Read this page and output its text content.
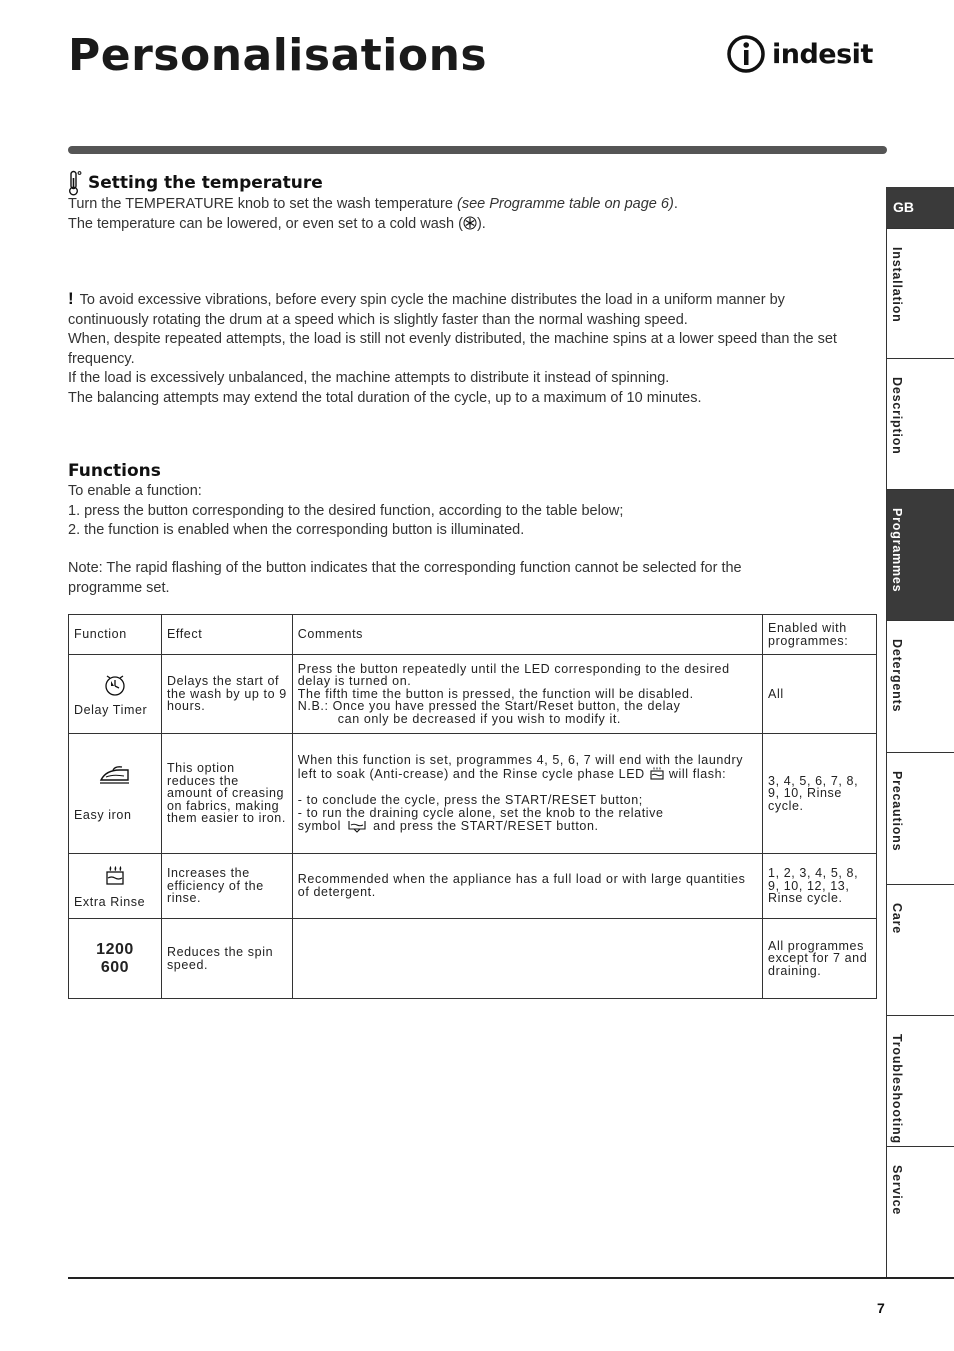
Personalisations	indesit
Setting the temperature
Turn the TEMPERATURE knob to set the wash temperature (see Programme table on page 6).
The temperature can be lowered, or even set to a cold wash ( ).
! To avoid excessive vibrations, before every spin cycle the machine distributes the load in a uniform manner by continuously rotating the drum at a speed which is slightly faster than the normal washing speed.
When, despite repeated attempts, the load is still not evenly distributed, the machine spins at a lower speed than the set frequency.
If the load is excessively unbalanced, the machine attempts to distribute it instead of spinning.
The balancing attempts may extend the total duration of the cycle, up to a maximum of 10 minutes.
Functions
To enable a function:
1. press the button corresponding to the desired function, according to the table below;
2. the function is enabled when the corresponding button is illuminated.
Note: The rapid flashing of the button indicates that the corresponding function cannot be selected for the programme set.
Function	Effect	Comments	Enabled with programmes:

Delay Timer	Delays the start of the wash by up to 9 hours.	Press the button repeatedly until the LED corresponding to the desired delay is turned on.
The fifth time the button is pressed, the function will be disabled.
N.B.: Once you have pressed the Start/Reset button, the delay
can only be decreased if you wish to modify it.	All

Easy iron	This option reduces the amount of creasing on fabrics, making them easier to iron.	When this function is set, programmes 4, 5, 6, 7 will end with the laundry left to soak (Anti-crease) and the Rinse cycle phase LED will flash:
- to conclude the cycle, press the START/RESET button;
- to run the draining cycle alone, set the knob to the relative
symbol and press the START/RESET button.	3, 4, 5, 6, 7, 8, 9, 10, Rinse cycle.

Extra Rinse	Increases the efficiency of the rinse.	Recommended when the appliance has a full load or with large quantities of detergent.	1, 2, 3, 4, 5, 8, 9, 10, 12, 13, Rinse cycle.

1200
600	Reduces the spin speed.		All programmes except for 7 and draining.
GB
Installation
Description
Programmes
Detergents
Precautions
Care
Troubleshooting
Service
7
